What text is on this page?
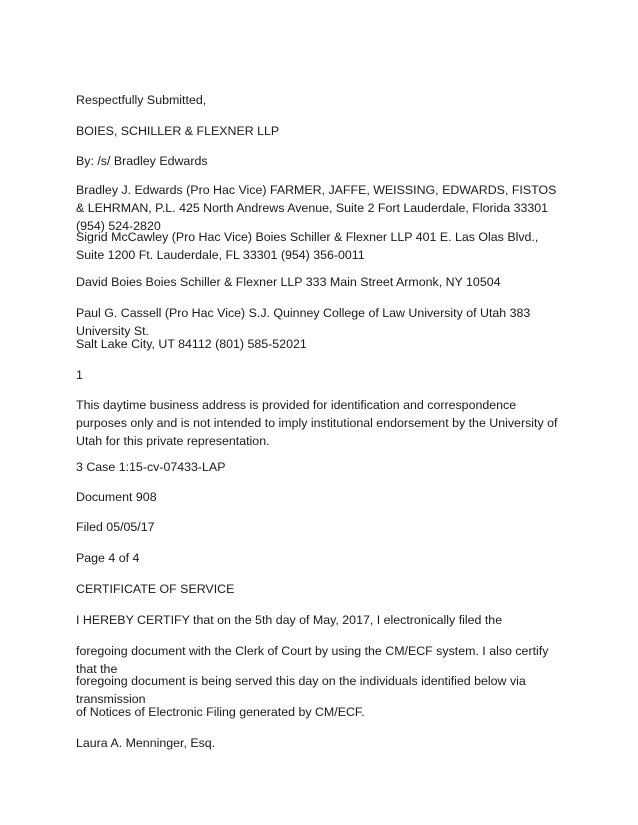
Respectfully Submitted,

BOIES, SCHILLER & FLEXNER LLP

By: /s/ Bradley Edwards

Bradley J. Edwards (Pro Hac Vice) FARMER, JAFFE, WEISSING, EDWARDS, FISTOS & LEHRMAN, P.L. 425 North Andrews Avenue, Suite 2 Fort Lauderdale, Florida 33301 (954) 524-2820

Sigrid McCawley (Pro Hac Vice) Boies Schiller & Flexner LLP 401 E. Las Olas Blvd., Suite 1200 Ft. Lauderdale, FL 33301 (954) 356-0011

David Boies Boies Schiller & Flexner LLP 333 Main Street Armonk, NY 10504

Paul G. Cassell (Pro Hac Vice) S.J. Quinney College of Law University of Utah 383 University St.

Salt Lake City, UT 84112 (801) 585-52021

1

This daytime business address is provided for identification and correspondence purposes only and is not intended to imply institutional endorsement by the University of Utah for this private representation.

3 Case 1:15-cv-07433-LAP

Document 908

Filed 05/05/17

Page 4 of 4

CERTIFICATE OF SERVICE

I HEREBY CERTIFY that on the 5th day of May, 2017, I electronically filed the

foregoing document with the Clerk of Court by using the CM/ECF system. I also certify that the

foregoing document is being served this day on the individuals identified below via transmission

of Notices of Electronic Filing generated by CM/ECF.

Laura A. Menninger, Esq.
